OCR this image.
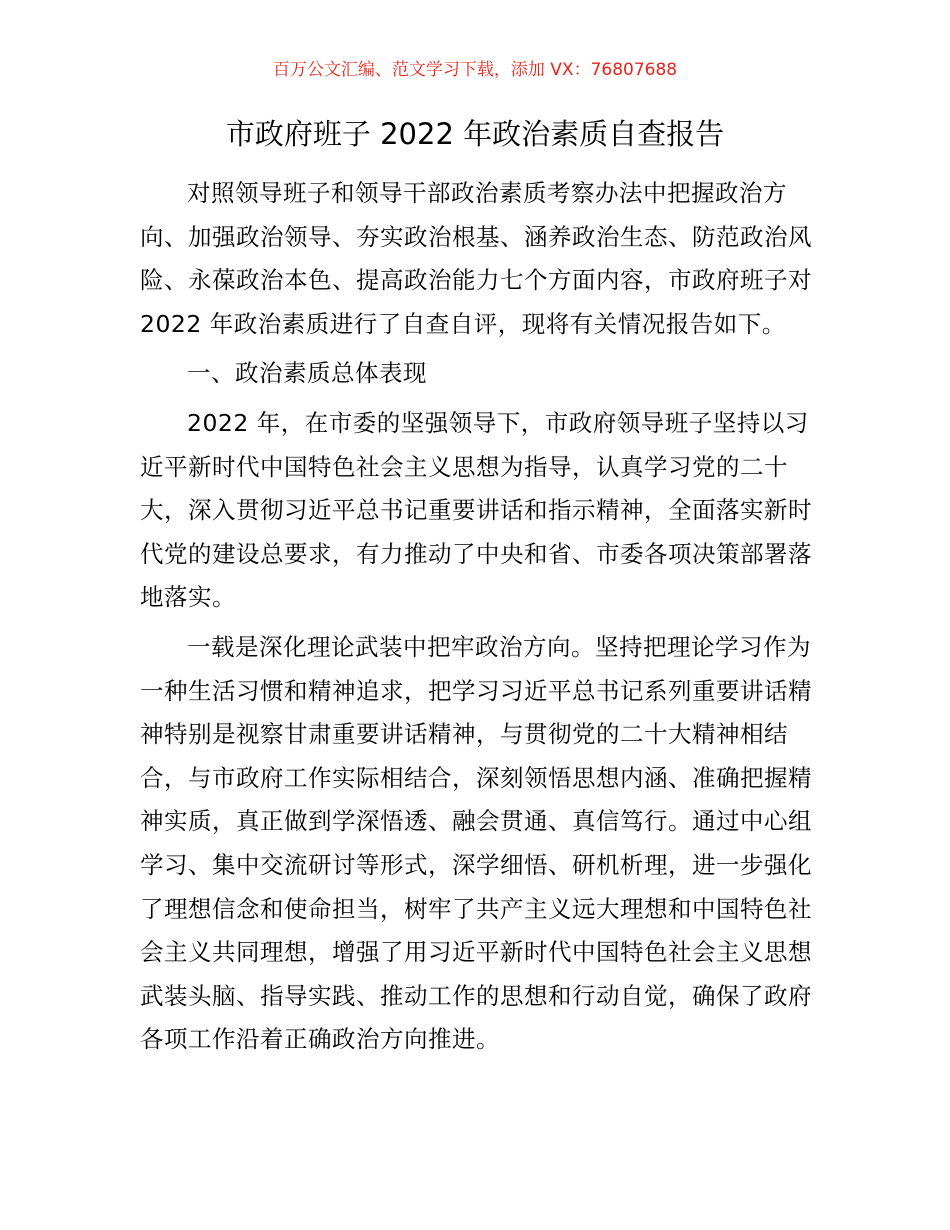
百万公文汇编、范文学习下载，添加 VX：76807688
市政府班子 2022 年政治素质自查报告

对照领导班子和领导干部政治素质考察办法中把握政治方向、加强政治领导、夯实政治根基、涵养政治生态、防范政治风险、永葆政治本色、提高政治能力七个方面内容，市政府班子对 2022 年政治素质进行了自查自评，现将有关情况报告如下。

一、政治素质总体表现

2022 年，在市委的坚强领导下，市政府领导班子坚持以习近平新时代中国特色社会主义思想为指导，认真学习党的二十大，深入贯彻习近平总书记重要讲话和指示精神，全面落实新时代党的建设总要求，有力推动了中央和省、市委各项决策部署落地落实。

一载是深化理论武装中把牢政治方向。坚持把理论学习作为一种生活习惯和精神追求，把学习习近平总书记系列重要讲话精神特别是视察甘肃重要讲话精神，与贯彻党的二十大精神相结合，与市政府工作实际相结合，深刻领悟思想内涵、准确把握精神实质，真正做到学深悟透、融会贯通、真信笃行。通过中心组学习、集中交流研讨等形式，深学细悟、研机析理，进一步强化了理想信念和使命担当，树牢了共产主义远大理想和中国特色社会主义共同理想，增强了用习近平新时代中国特色社会主义思想武装头脑、指导实践、推动工作的思想和行动自觉，确保了政府各项工作沿着正确政治方向推进。
